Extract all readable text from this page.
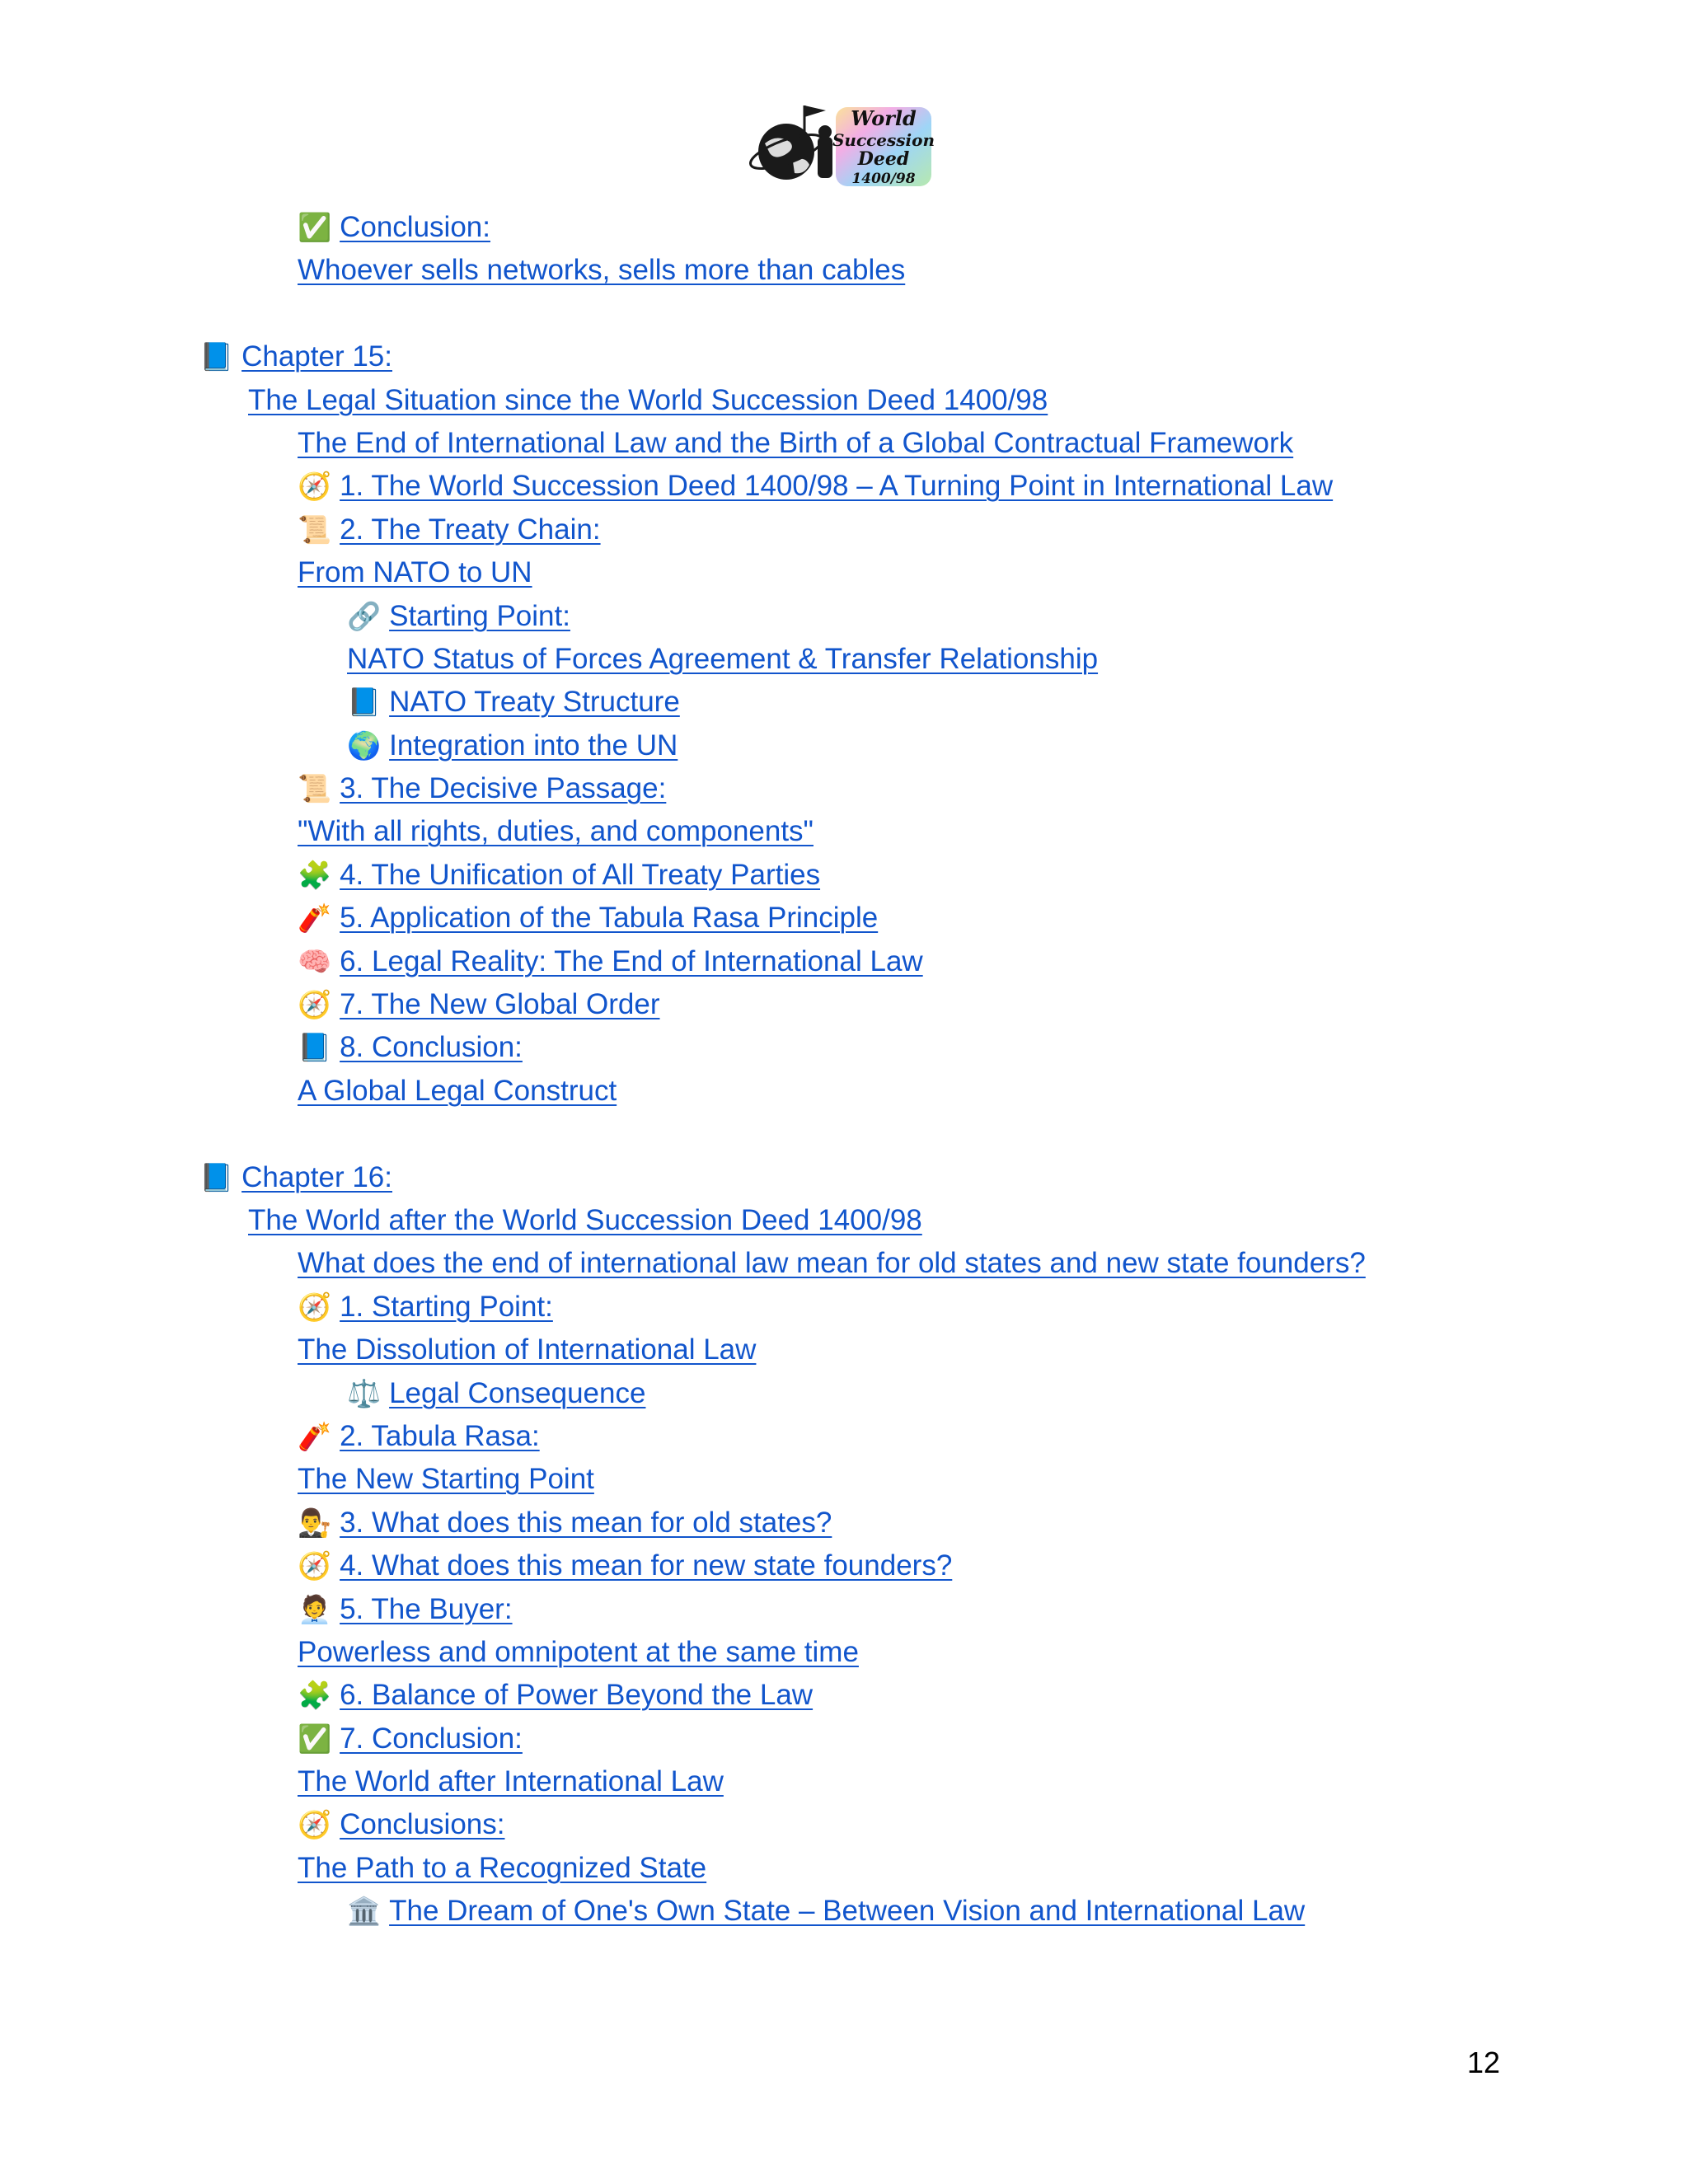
World
Succession
Deed
1400/98
✅ Conclusion:
Whoever sells networks, sells more than cables
📘 Chapter 15:
The Legal Situation since the World Succession Deed 1400/98
The End of International Law and the Birth of a Global Contractual Framework
🧭 1. The World Succession Deed 1400/98 – A Turning Point in International Law
📜 2. The Treaty Chain:
From NATO to UN
🔗 Starting Point:
NATO Status of Forces Agreement & Transfer Relationship
📘 NATO Treaty Structure
🌍 Integration into the UN
📜 3. The Decisive Passage:
"With all rights, duties, and components"
🧩 4. The Unification of All Treaty Parties
🧨 5. Application of the Tabula Rasa Principle
🧠 6. Legal Reality: The End of International Law
🧭 7. The New Global Order
📘 8. Conclusion:
A Global Legal Construct
📘 Chapter 16:
The World after the World Succession Deed 1400/98
What does the end of international law mean for old states and new state founders?
🧭 1. Starting Point:
The Dissolution of International Law
⚖️ Legal Consequence
🧨 2. Tabula Rasa:
The New Starting Point
👨‍⚖️ 3. What does this mean for old states?
🧭 4. What does this mean for new state founders?
🧑‍💼 5. The Buyer:
Powerless and omnipotent at the same time
🧩 6. Balance of Power Beyond the Law
✅ 7. Conclusion:
The World after International Law
🧭 Conclusions:
The Path to a Recognized State
🏛️ The Dream of One's Own State – Between Vision and International Law
12
